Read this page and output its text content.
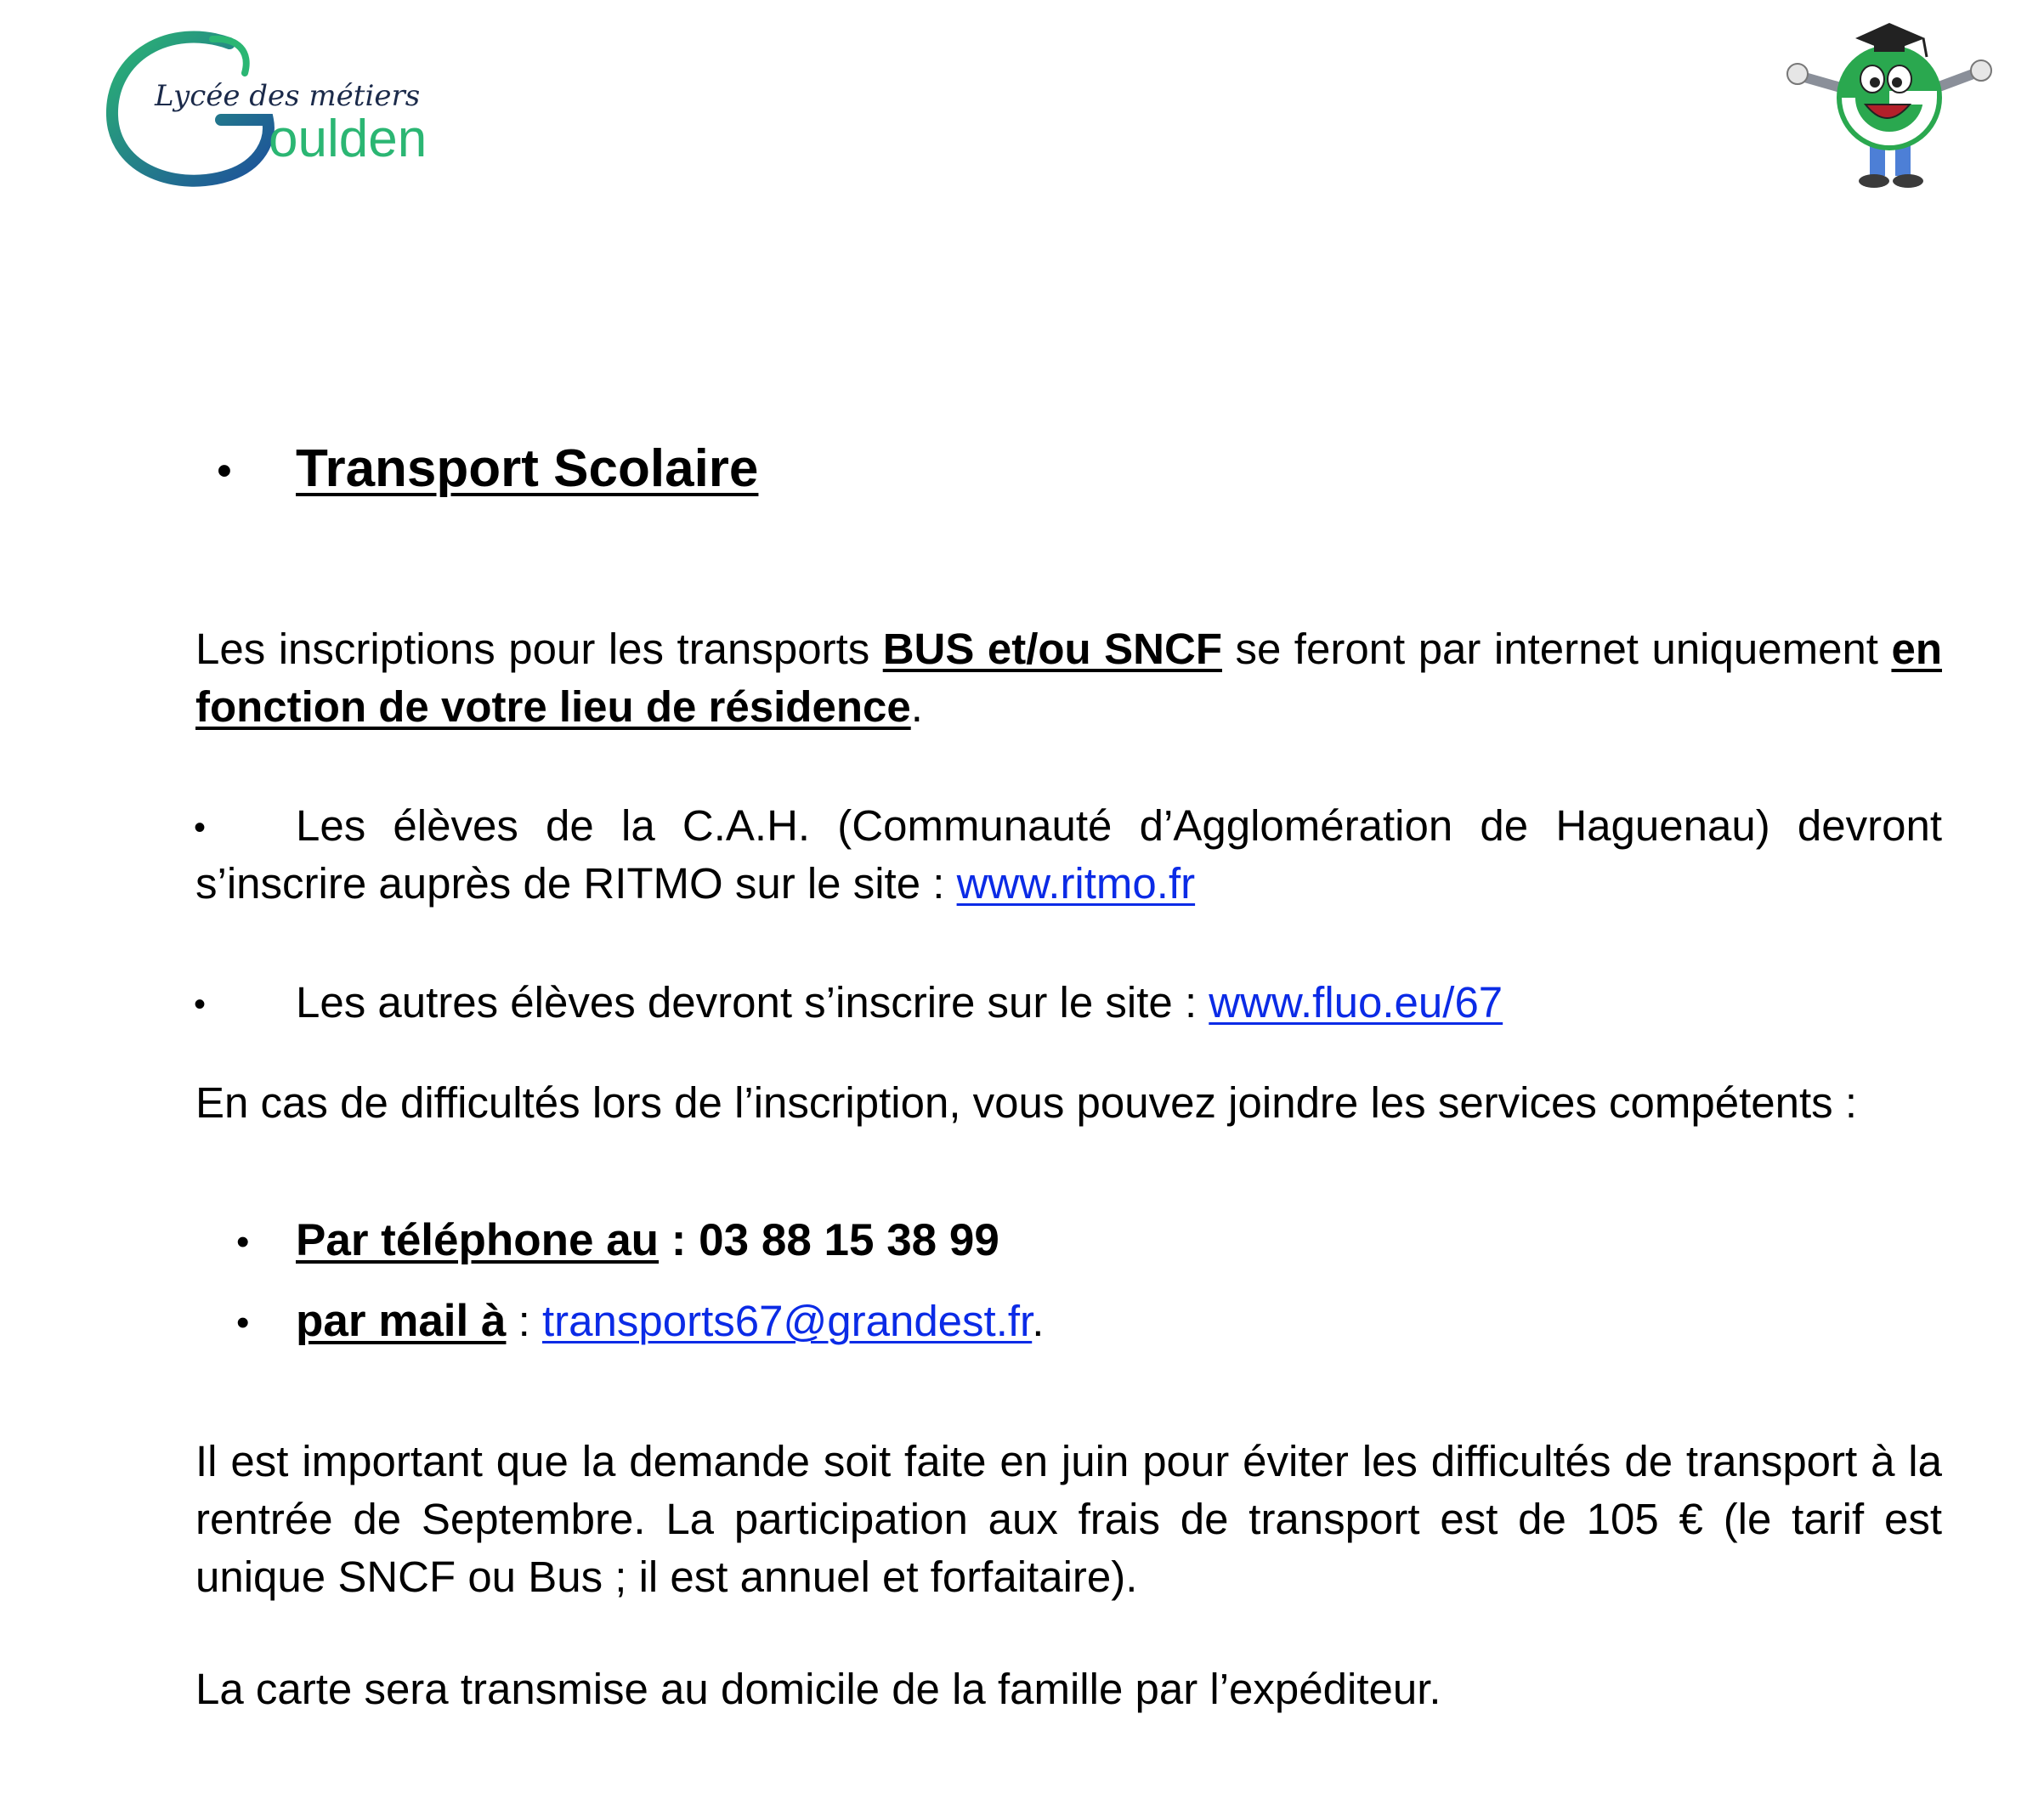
Lycée des métiers
oulden
• Transport Scolaire
Les inscriptions pour les transports BUS et/ou SNCF se feront par internet uniquement en fonction de votre lieu de résidence.
•	Les élèves de la C.A.H. (Communauté d’Agglomération de Haguenau) devront s’inscrire auprès de RITMO sur le site : www.ritmo.fr
• Les autres élèves devront s’inscrire sur le site : www.fluo.eu/67
En cas de difficultés lors de l’inscription, vous pouvez joindre les services compétents :
• Par téléphone au : 03 88 15 38 99
• par mail à : transports67@grandest.fr.
Il est important que la demande soit faite en juin pour éviter les difficultés de transport à la rentrée de Septembre. La participation aux frais de transport est de 105 € (le tarif est unique SNCF ou Bus ; il est annuel et forfaitaire).
La carte sera transmise au domicile de la famille par l’expéditeur.
